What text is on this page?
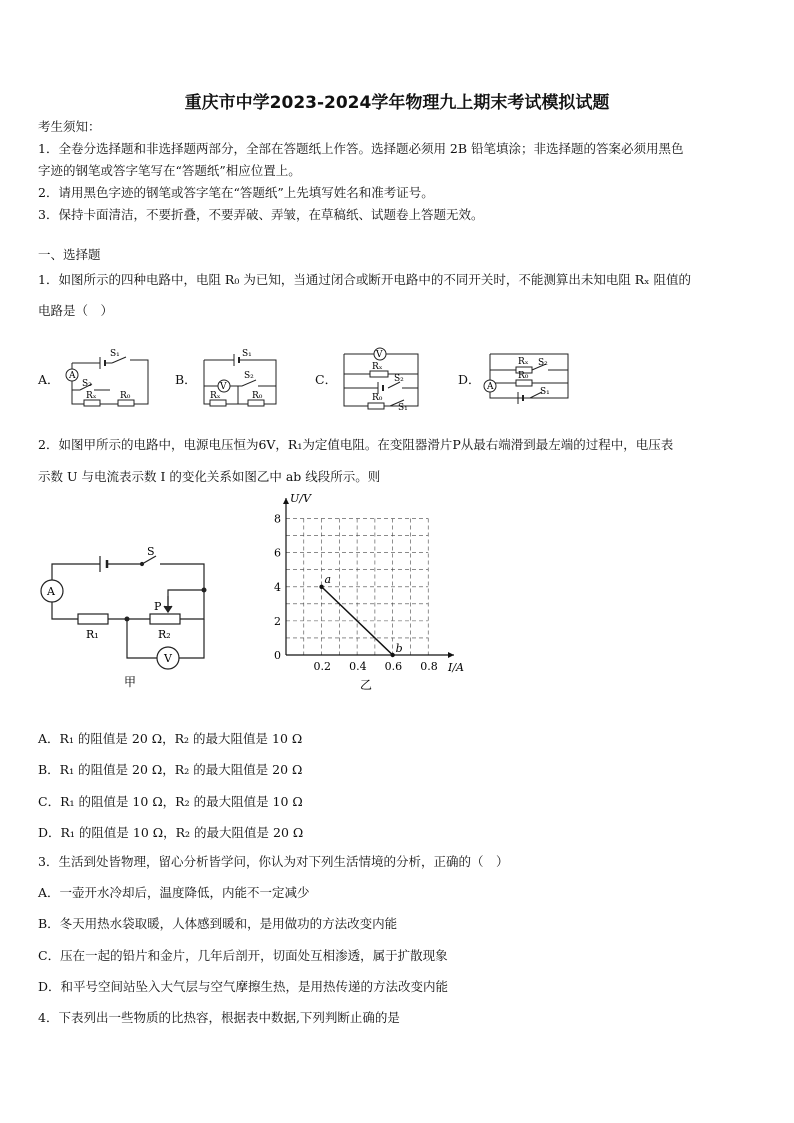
重庆市中学2023-2024学年物理九上期末考试模拟试题
考生须知：
1．全卷分选择题和非选择题两部分，全部在答题纸上作答。选择题必须用 2B 铅笔填涂；非选择题的答案必须用黑色
字迹的钢笔或答字笔写在“答题纸”相应位置上。
2．请用黑色字迹的钢笔或答字笔在“答题纸”上先填写姓名和准考证号。
3．保持卡面清洁，不要折叠，不要弄破、弄皱，在草稿纸、试题卷上答题无效。
一、选择题
1．如图所示的四种电路中，电阻 R₀ 为已知，当通过闭合或断开电路中的不同开关时，不能测算出未知电阻 Rₓ 阻值的
电路是（　）
A．	B．	C．	D．
A
S₁
S₂
Rₓ	R₀
V
S₁
S₂
Rₓ	R₀
V
Rₓ
S₂
R₀
S₁
A
Rₓ S₂
R₀
S₁
2．如图甲所示的电路中，电源电压恒为6V，R₁为定值电阻。在变阻器滑片P从最右端滑到最左端的过程中，电压表
示数 U 与电流表示数 I 的变化关系如图乙中 ab 线段所示。则
A
S
P
R₁	R₂
V
甲
2
4
6
8
0.2 0.4 0.6 0.8
0
I/A
U/V
a
b
乙
A．R₁ 的阻值是 20 Ω，R₂ 的最大阻值是 10 Ω
B．R₁ 的阻值是 20 Ω，R₂ 的最大阻值是 20 Ω
C．R₁ 的阻值是 10 Ω，R₂ 的最大阻值是 10 Ω
D．R₁ 的阻值是 10 Ω，R₂ 的最大阻值是 20 Ω
3．生活到处皆物理，留心分析皆学问，你认为对下列生活情境的分析，正确的（　）
A．一壶开水冷却后，温度降低，内能不一定减少
B．冬天用热水袋取暖，人体感到暖和，是用做功的方法改变内能
C．压在一起的铅片和金片，几年后剖开，切面处互相渗透，属于扩散现象
D．和平号空间站坠入大气层与空气摩擦生热，是用热传递的方法改变内能
4．下表列出一些物质的比热容，根据表中数据,下列判断止确的是
